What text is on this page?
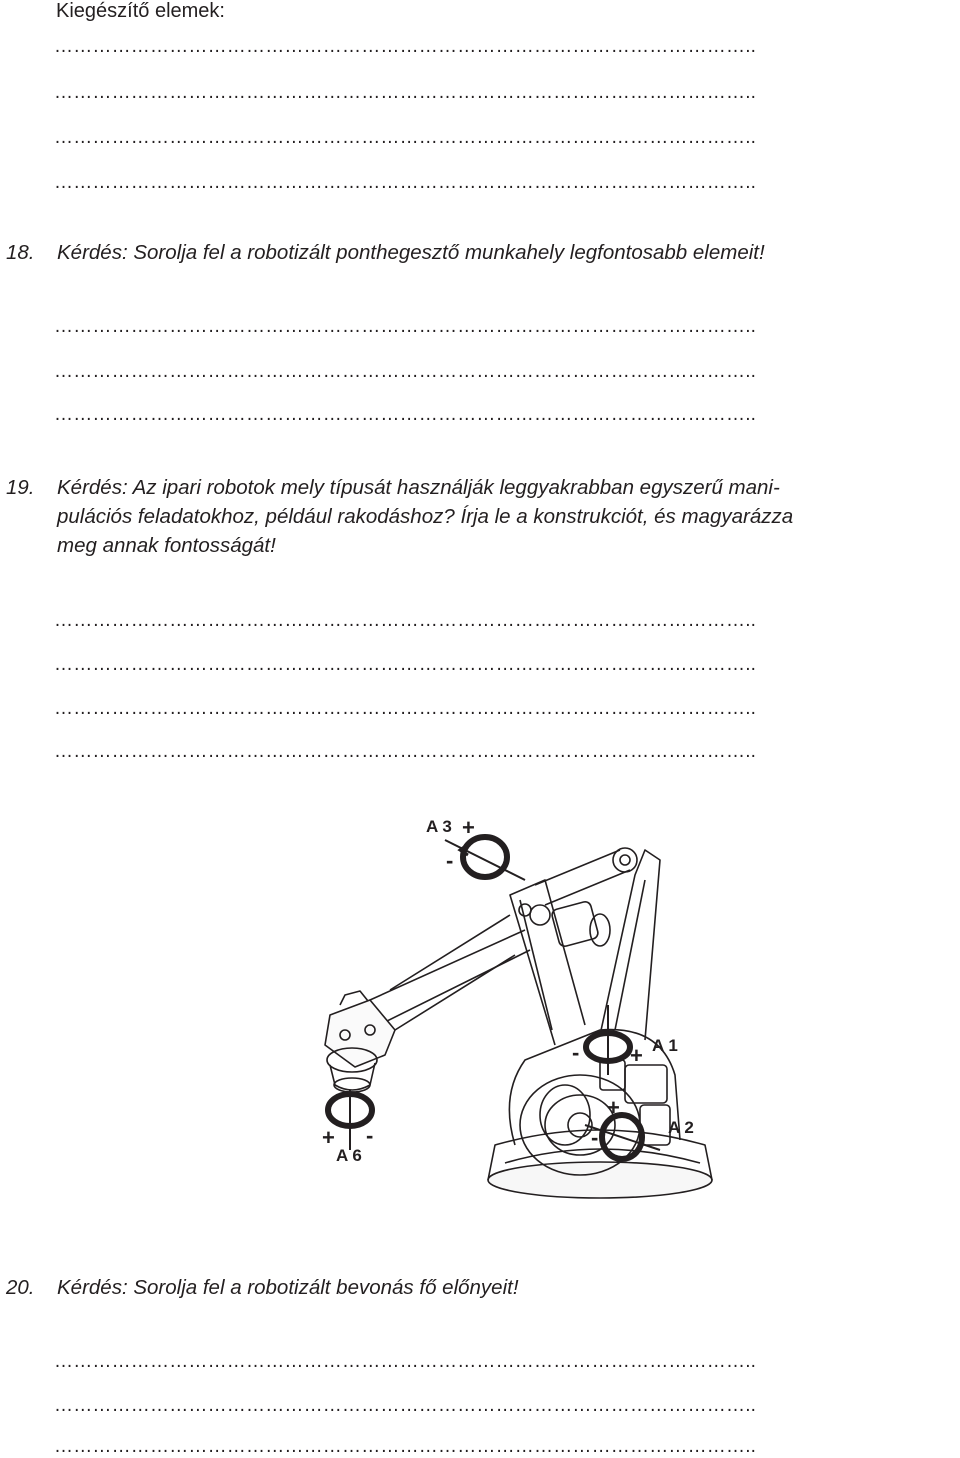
Kiegészítő elemek:
………………………………………………………………………………………………..
………………………………………………………………………………………………..
………………………………………………………………………………………………..
………………………………………………………………………………………………..
18. Kérdés: Sorolja fel a robotizált ponthegesztő munkahely legfontosabb elemeit!
………………………………………………………………………………………………..
………………………………………………………………………………………………..
………………………………………………………………………………………………..
19. Kérdés: Az ipari robotok mely típusát használják leggyakrabban egyszerű mani-
pulációs feladatokhoz, például rakodáshoz? Írja le a konstrukciót, és magyarázza
meg annak fontosságát!
………………………………………………………………………………………………..
………………………………………………………………………………………………..
………………………………………………………………………………………………..
………………………………………………………………………………………………..
A 3 +
-
- + A 1
+
-	A 2
+ -
A 6
20. Kérdés: Sorolja fel a robotizált bevonás fő előnyeit!
………………………………………………………………………………………………..
………………………………………………………………………………………………..
………………………………………………………………………………………………..
